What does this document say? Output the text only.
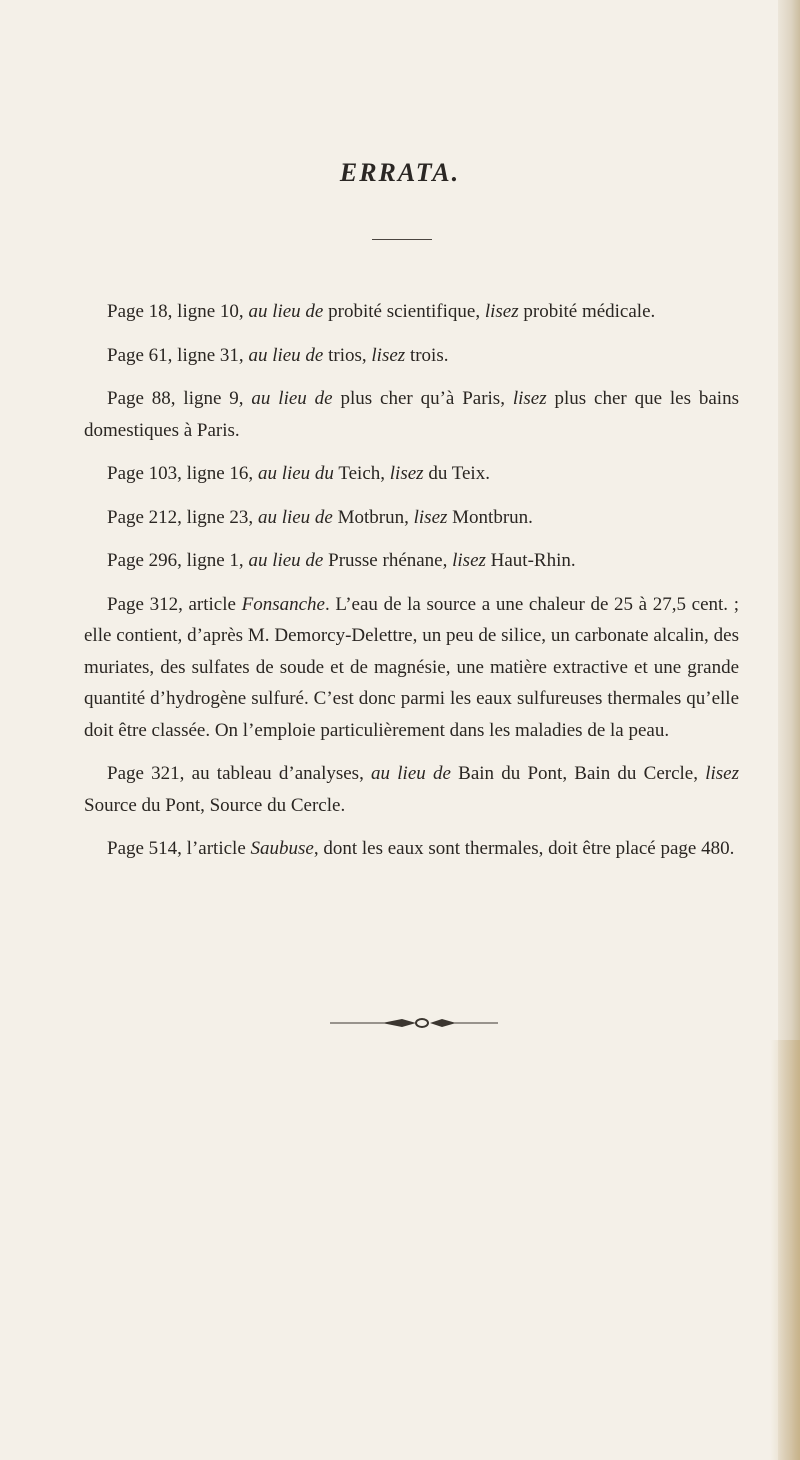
ERRATA.

Page 18, ligne 10, au lieu de probité scientifique, lisez probité médicale.

Page 61, ligne 31, au lieu de trios, lisez trois.

Page 88, ligne 9, au lieu de plus cher qu’à Paris, lisez plus cher que les bains domestiques à Paris.

Page 103, ligne 16, au lieu du Teich, lisez du Teix.

Page 212, ligne 23, au lieu de Motbrun, lisez Montbrun.

Page 296, ligne 1, au lieu de Prusse rhénane, lisez Haut-Rhin.

Page 312, article Fonsanche. L’eau de la source a une chaleur de 25 à 27,5 cent. ; elle contient, d’après M. Demorcy-Delettre, un peu de silice, un carbonate alcalin, des muriates, des sulfates de soude et de magnésie, une matière extractive et une grande quantité d’hydrogène sulfuré. C’est donc parmi les eaux sulfureuses thermales qu’elle doit être classée. On l’emploie particulièrement dans les maladies de la peau.

Page 321, au tableau d’analyses, au lieu de Bain du Pont, Bain du Cercle, lisez Source du Pont, Source du Cercle.

Page 514, l’article Saubuse, dont les eaux sont thermales, doit être placé page 480.
